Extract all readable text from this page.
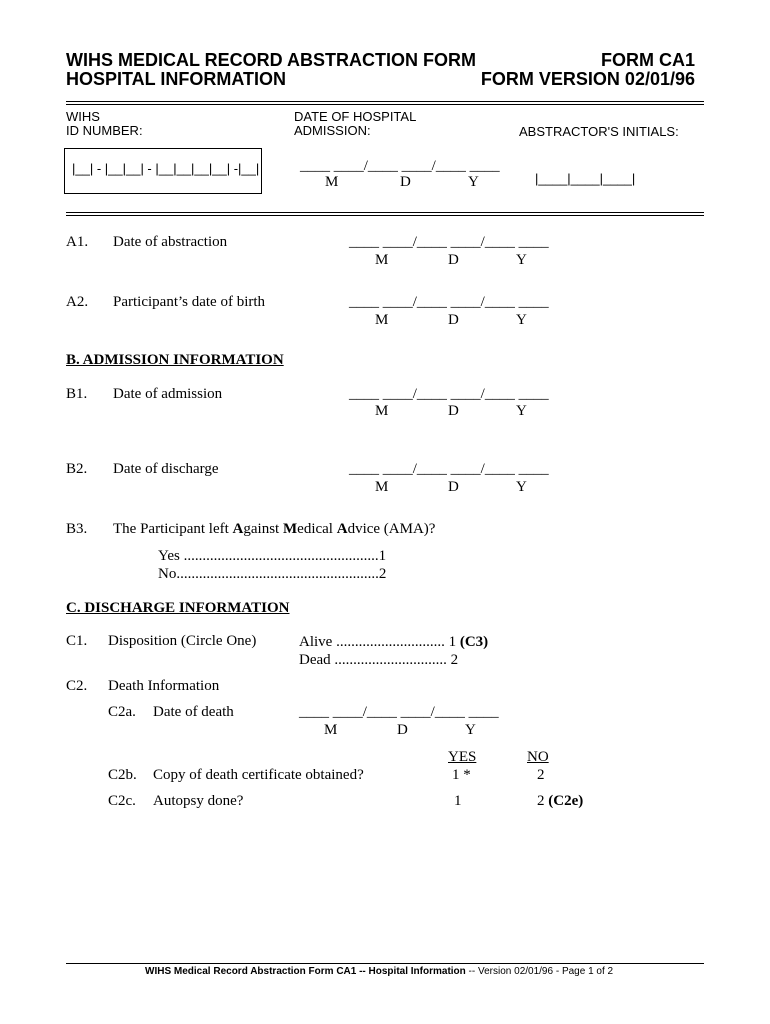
WIHS MEDICAL RECORD ABSTRACTION FORM
HOSPITAL INFORMATION
FORM CA1
FORM VERSION 02/01/96
WIHS
ID NUMBER:
DATE OF HOSPITAL
ADMISSION:	ABSTRACTOR'S INITIALS:
|__| - |__|__| - |__|__|__|__| -|__|	____ ____/____ ____/____ ____
M	D	Y	|____|____|____|
A1. Date of abstraction	____ ____/____ ____/____ ____
M	D	Y
A2. Participant’s date of birth	____ ____/____ ____/____ ____
M	D	Y
B. ADMISSION INFORMATION
B1. Date of admission	____ ____/____ ____/____ ____
M	D	Y
B2. Date of discharge	____ ____/____ ____/____ ____
M	D	Y
B3. The Participant left Against Medical Advice (AMA)?
Yes ....................................................1
No......................................................2
C. DISCHARGE INFORMATION
C1. Disposition (Circle One)	Alive ............................. 1 (C3)
Dead .............................. 2
C2. Death Information
C2a. Date of death	____ ____/____ ____/____ ____
M	D	Y
YES	NO
C2b. Copy of death certificate obtained?	1 *	2
C2c. Autopsy done?	1	2 (C2e)
WIHS Medical Record Abstraction Form CA1 -- Hospital Information -- Version 02/01/96 - Page 1 of 2
